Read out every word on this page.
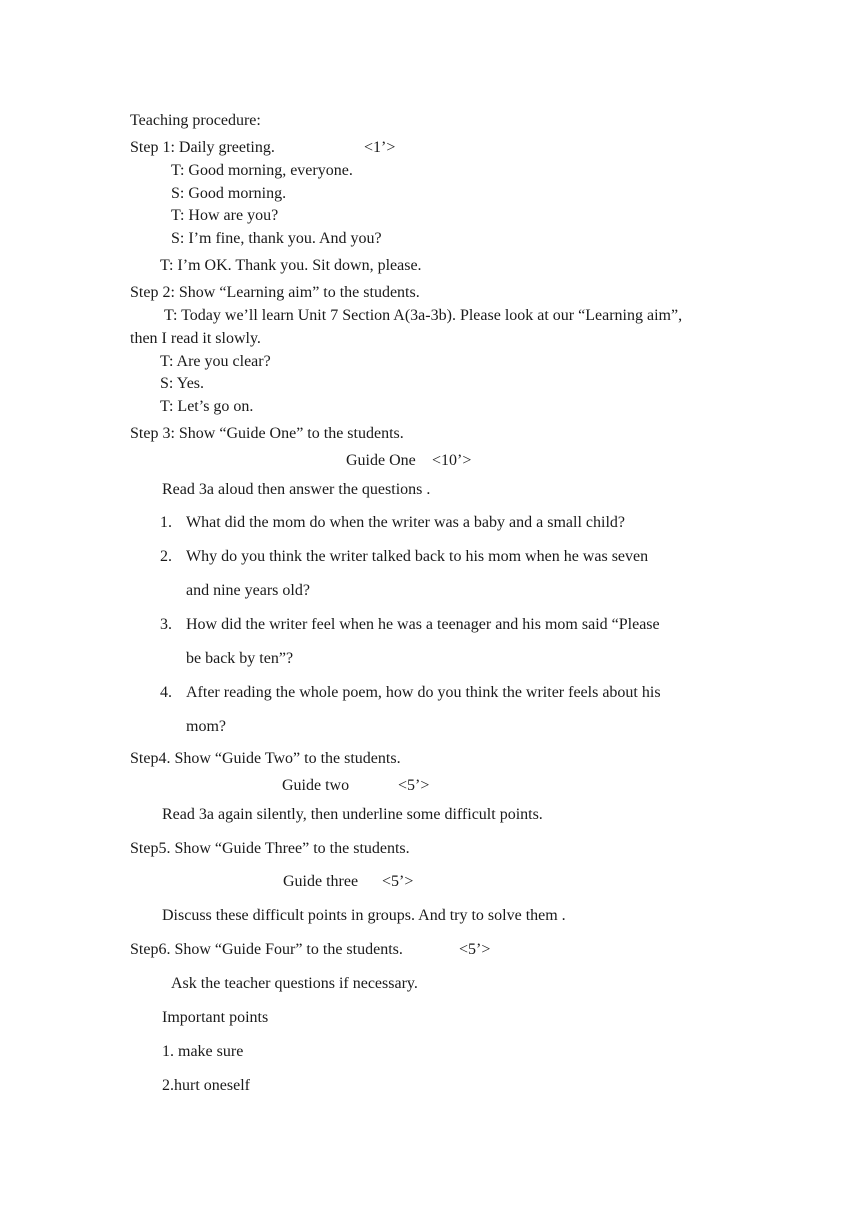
Teaching procedure:
Step 1: Daily greeting.	<1’>
T: Good morning, everyone.
S: Good morning.
T: How are you?
S: I’m fine, thank you. And you?
T: I’m OK. Thank you. Sit down, please.
Step 2: Show “Learning aim” to the students.
T: Today we’ll learn Unit 7 Section A(3a-3b). Please look at our “Learning aim”,
then I read it slowly.
T: Are you clear?
S: Yes.
T: Let’s go on.
Step 3: Show “Guide One” to the students.
Guide One <10’>
Read 3a aloud then answer the questions .
1. What did the mom do when the writer was a baby and a small child?
2. Why do you think the writer talked back to his mom when he was seven
and nine years old?
3. How did the writer feel when he was a teenager and his mom said “Please
be back by ten”?
4. After reading the whole poem, how do you think the writer feels about his
mom?
Step4. Show “Guide Two” to the students.
Guide two	<5’>
Read 3a again silently, then underline some difficult points.
Step5. Show “Guide Three” to the students.
Guide three <5’>
Discuss these difficult points in groups. And try to solve them .
Step6. Show “Guide Four” to the students.	<5’>
Ask the teacher questions if necessary.
Important points
1. make sure
2.hurt oneself
